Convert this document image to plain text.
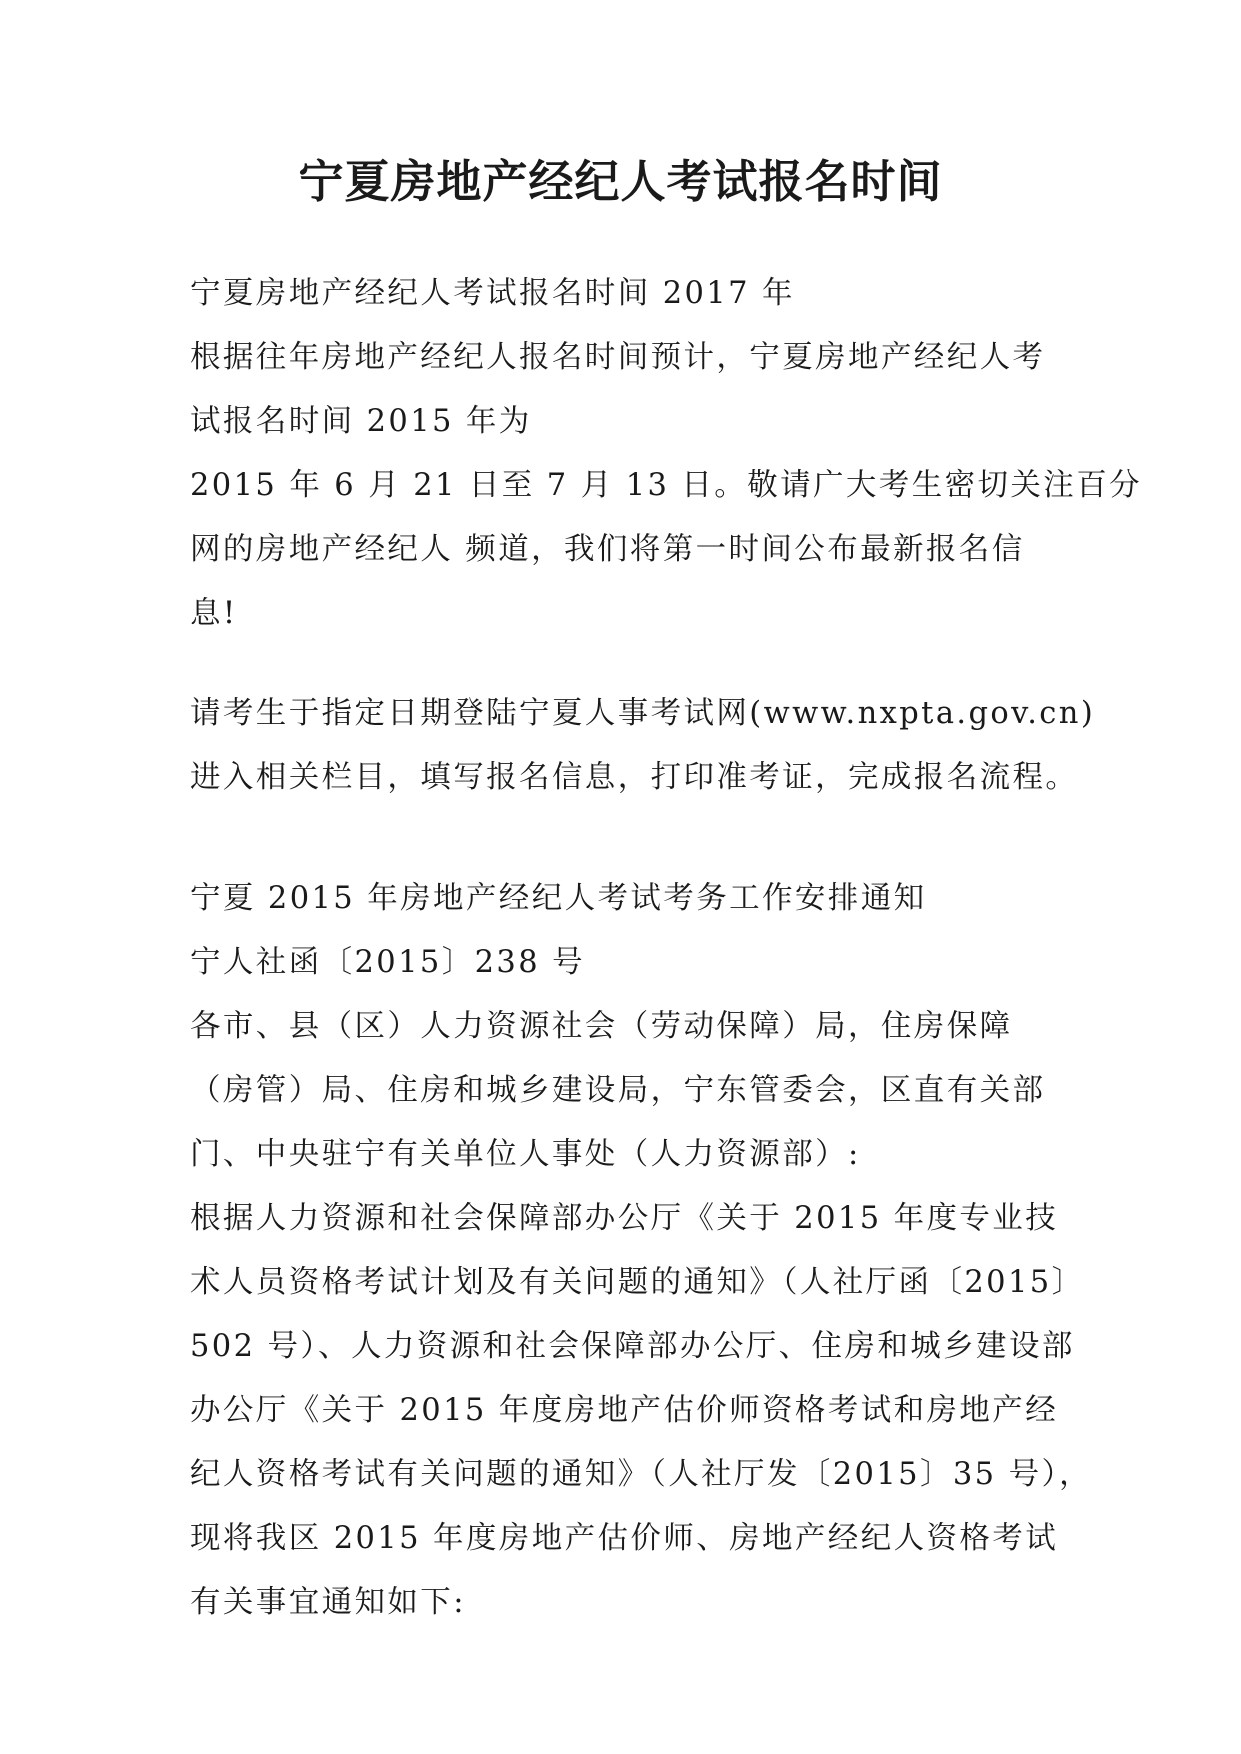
宁夏房地产经纪人考试报名时间
宁夏房地产经纪人考试报名时间 2017 年
根据往年房地产经纪人报名时间预计，宁夏房地产经纪人考
试报名时间 2015 年为
2015 年 6 月 21 日至 7 月 13 日。敬请广大考生密切关注百分
网的房地产经纪人 频道，我们将第一时间公布最新报名信
息!
请考生于指定日期登陆宁夏人事考试网(www.nxpta.gov.cn)
进入相关栏目，填写报名信息，打印准考证，完成报名流程。
宁夏 2015 年房地产经纪人考试考务工作安排通知
宁人社函〔2015〕238 号
各市、县（区）人力资源社会（劳动保障）局，住房保障
（房管）局、住房和城乡建设局，宁东管委会，区直有关部
门、中央驻宁有关单位人事处（人力资源部）:
根据人力资源和社会保障部办公厅《关于 2015 年度专业技
术人员资格考试计划及有关问题的通知》（人社厅函〔2015〕
502 号）、人力资源和社会保障部办公厅、住房和城乡建设部
办公厅《关于 2015 年度房地产估价师资格考试和房地产经
纪人资格考试有关问题的通知》（人社厅发〔2015〕35 号），
现将我区 2015 年度房地产估价师、房地产经纪人资格考试
有关事宜通知如下:
